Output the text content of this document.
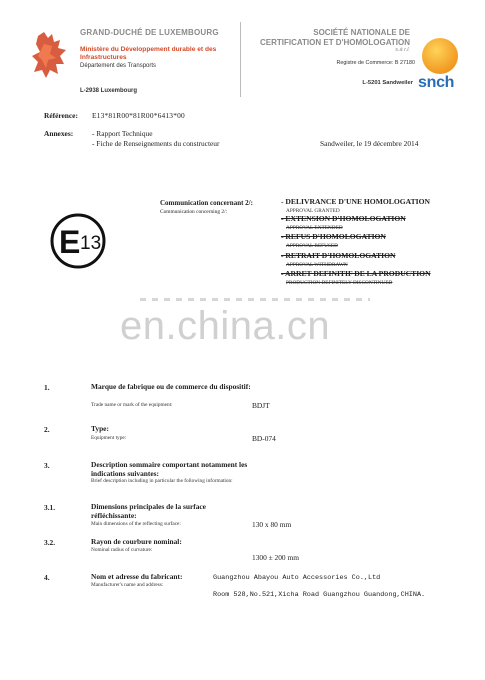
GRAND-DUCHÉ DE LUXEMBOURG
Ministère du Développement durable et des Infrastructures
Département des Transports
L-2938 Luxembourg
SOCIÉTÉ NATIONALE DE
CERTIFICATION ET D'HOMOLOGATION
s.à r.l.
Registre de Commerce: B 27180
L-5201 Sandweiler snch
Référence: E13*81R00*81R00*6413*00
Annexes:	- Rapport Technique
- Fiche de Renseignements du constructeur	Sandweiler, le 19 décembre 2014
E 13
Communication concernant 2/:
Communication concerning 2/:
- DELIVRANCE D'UNE HOMOLOGATION
APPROVAL GRANTED
- EXTENSION D'HOMOLOGATION
APPROVAL EXTENDED
- REFUS D'HOMOLOGATION
APPROVAL REFUSED
- RETRAIT D'HOMOLOGATION
APPROVAL WITHDRAWN
- ARRET DEFINITIF DE LA PRODUCTION
PRODUCTION DEFINITELY DISCONTINUED
en.china.cn
1.	Marque de fabrique ou de commerce du dispositif:
Trade name or mark of the equipment:	BDJT
2.	Type:
Equipment type:	BD-074
3.	Description sommaire comportant notamment les indications suivantes:
Brief description including in particular the following information:
3.1.	Dimensions principales de la surface réfléchissante:
Main dimensions of the reflecting surface:	130 x 80 mm
3.2.	Rayon de courbure nominal:
Nominal radius of curvature:
1300 ± 200 mm
4.	Nom et adresse du fabricant:
Manufacturer's name and address:
Guangzhou Abayou Auto Accessories Co.,Ltd
Room 528,No.521,Xicha Road Guangzhou Guandong,CHINA.
